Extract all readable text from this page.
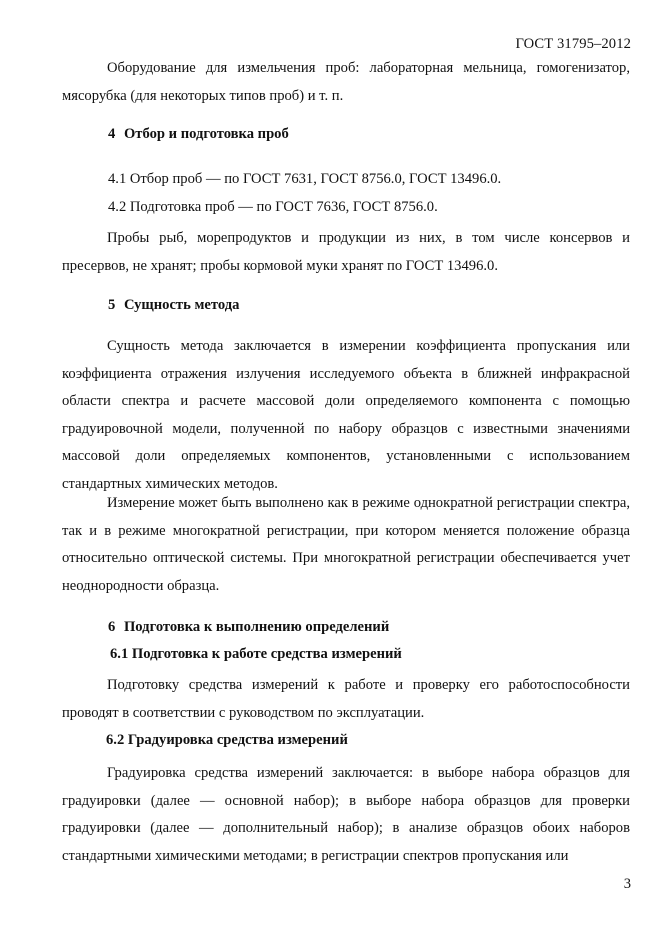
ГОСТ 31795–2012

Оборудование для измельчения проб: лабораторная мельница, гомогенизатор, мясорубка (для некоторых типов проб) и т. п.

4 Отбор и подготовка проб

4.1 Отбор проб — по ГОСТ 7631, ГОСТ 8756.0, ГОСТ 13496.0.

4.2 Подготовка проб — по ГОСТ 7636, ГОСТ 8756.0.

Пробы рыб, морепродуктов и продукции из них, в том числе консервов и пресервов, не хранят; пробы кормовой муки хранят по ГОСТ 13496.0.

5 Сущность метода

Сущность метода заключается в измерении коэффициента пропускания или коэффициента отражения излучения исследуемого объекта в ближней инфракрасной области спектра и расчете массовой доли определяемого компонента с помощью градуировочной модели, полученной по набору образцов с известными значениями массовой доли определяемых компонентов, установленными с использованием стандартных химических методов.

Измерение может быть выполнено как в режиме однократной регистрации спектра, так и в режиме многократной регистрации, при котором меняется положение образца относительно оптической системы. При многократной регистрации обеспечивается учет неоднородности образца.

6 Подготовка к выполнению определений
6.1 Подготовка к работе средства измерений

Подготовку средства измерений к работе и проверку его работоспособности проводят в соответствии с руководством по эксплуатации.

6.2 Градуировка средства измерений

Градуировка средства измерений заключается: в выборе набора образцов для градуировки (далее — основной набор); в выборе набора образцов для проверки градуировки (далее — дополнительный набор); в анализе образцов обоих наборов стандартными химическими методами; в регистрации спектров пропускания или

3
